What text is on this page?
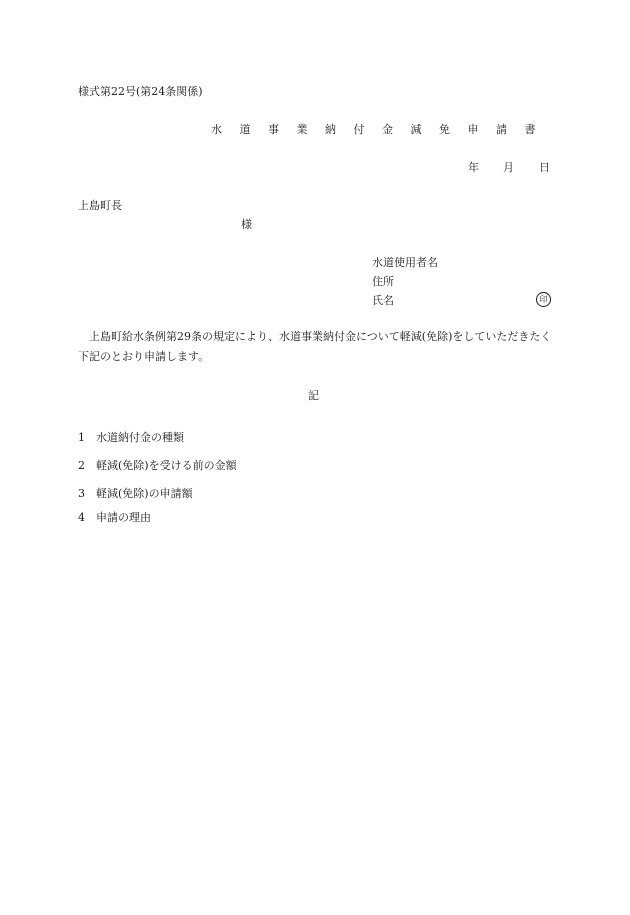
様式第22号(第24条関係)
水 道 事 業 納 付 金 減 免 申 請 書
年 月 日
上島町長
様
水道使用者名
住所
氏名	印
上島町給水条例第29条の規定により、水道事業納付金について軽減(免除)をしていただきたく下記のとおり申請します。
記
1 水道納付金の種類
2 軽減(免除)を受ける前の金額
3 軽減(免除)の申請額
4 申請の理由
